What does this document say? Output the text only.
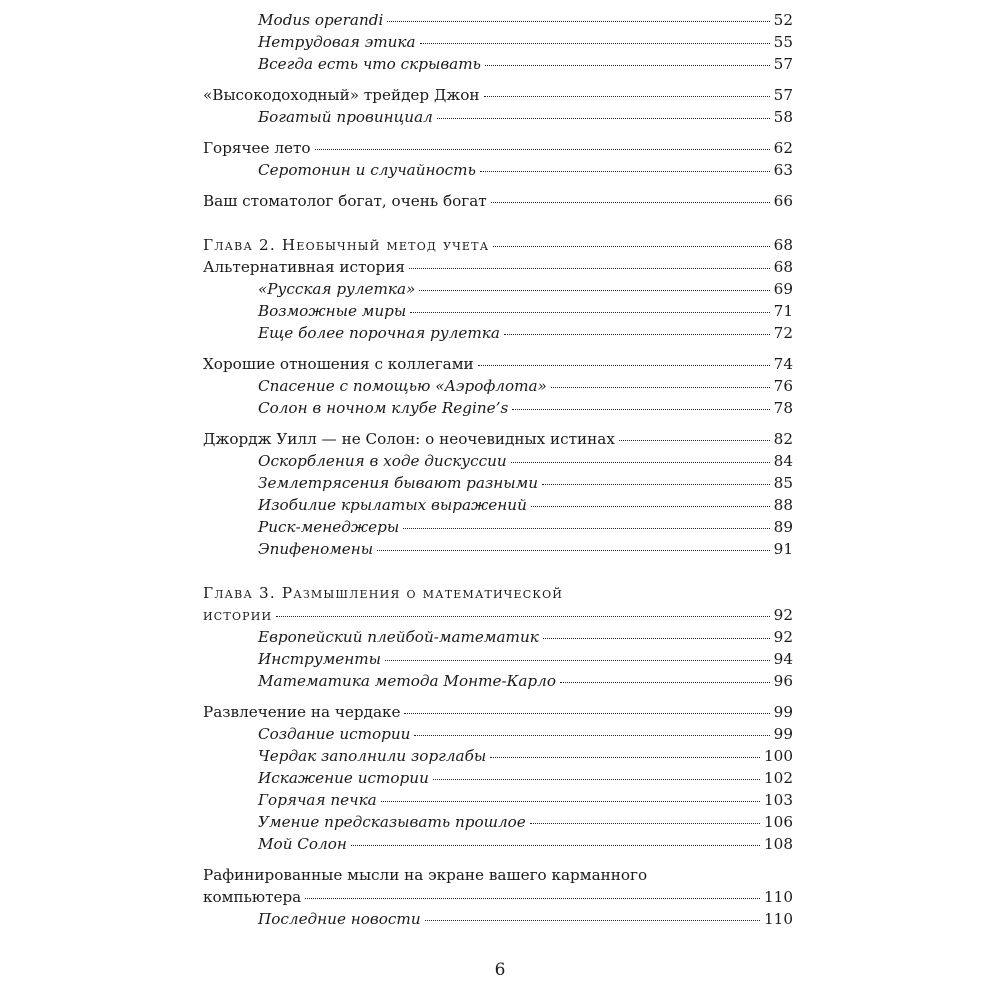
Modus operandi	52
Нетрудовая этика	55
Всегда есть что скрывать	57
«Высокодоходный» трейдер Джон	57
Богатый провинциал	58
Горячее лето	62
Серотонин и случайность	63
Ваш стоматолог богат, очень богат	66
Глава 2. Необычный метод учета	68
Альтернативная история	68
«Русская рулетка»	69
Возможные миры	71
Еще более порочная рулетка	72
Хорошие отношения с коллегами	74
Спасение с помощью «Аэрофлота»	76
Солон в ночном клубе Regine’s	78
Джордж Уилл — не Солон: о неочевидных истинах	82
Оскорбления в ходе дискуссии	84
Землетрясения бывают разными	85
Изобилие крылатых выражений	88
Риск-менеджеры	89
Эпифеномены	91
Глава 3. Размышления о математической
истории	92
Европейский плейбой-математик	92
Инструменты	94
Математика метода Монте-Карло	96
Развлечение на чердаке	99
Создание истории	99
Чердак заполнили зорглабы	100
Искажение истории	102
Горячая печка	103
Умение предсказывать прошлое	106
Мой Солон	108
Рафинированные мысли на экране вашего карманного
компьютера	110
Последние новости	110
6
